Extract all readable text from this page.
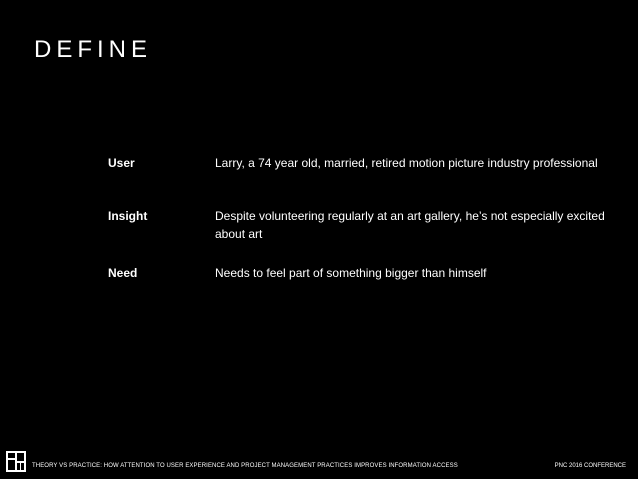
DEFINE
User	Larry, a 74 year old, married, retired motion picture industry professional
Insight	Despite volunteering regularly at an art gallery, he’s not especially excited about art
Need	Needs to feel part of something bigger than himself
THEORY VS PRACTICE: HOW ATTENTION TO USER EXPERIENCE AND PROJECT MANAGEMENT PRACTICES IMPROVES INFORMATION ACCESS	PNC 2016 CONFERENCE
